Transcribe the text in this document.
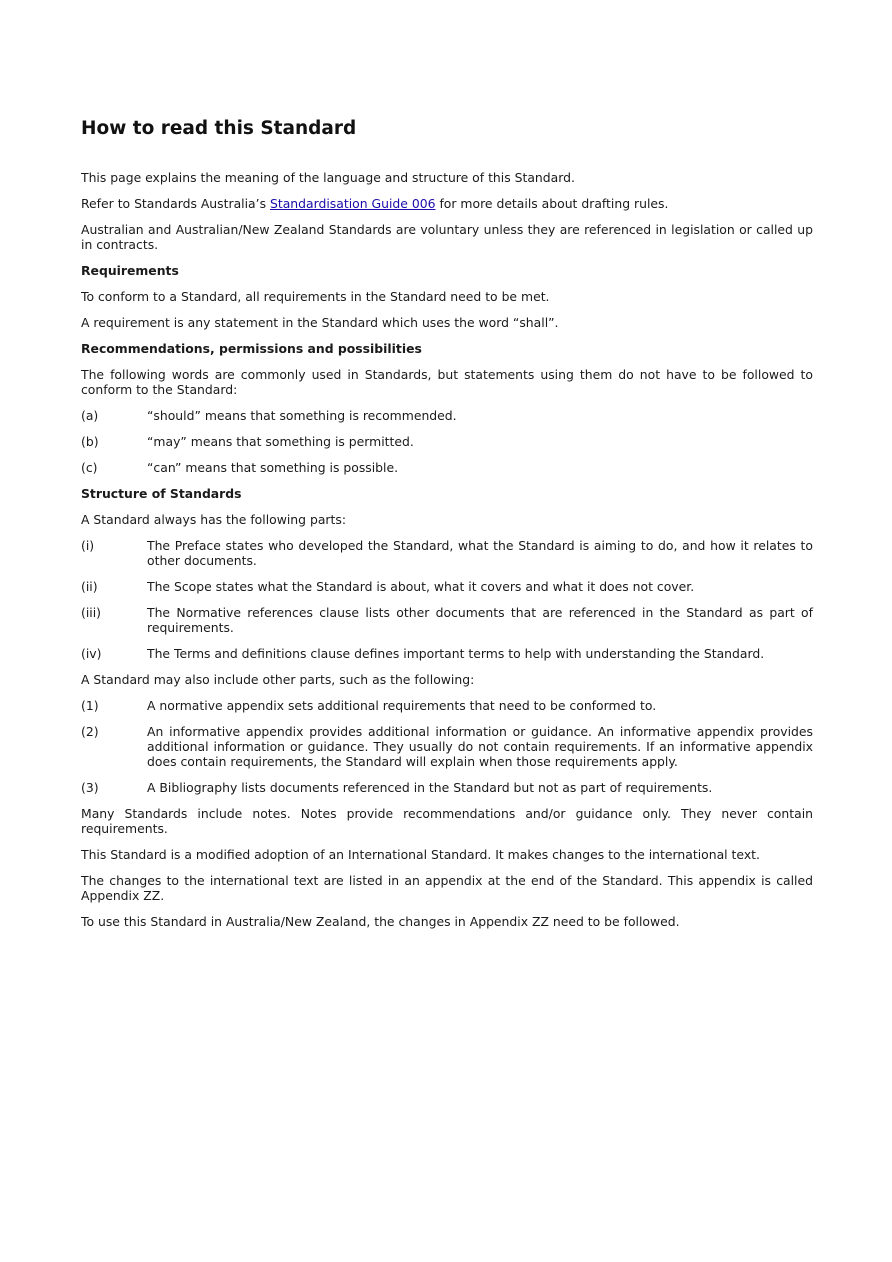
How to read this Standard

This page explains the meaning of the language and structure of this Standard.

Refer to Standards Australia’s Standardisation Guide 006 for more details about drafting rules.

Australian and Australian/New Zealand Standards are voluntary unless they are referenced in legislation or called up in contracts.

Requirements

To conform to a Standard, all requirements in the Standard need to be met.

A requirement is any statement in the Standard which uses the word “shall”.

Recommendations, permissions and possibilities

The following words are commonly used in Standards, but statements using them do not have to be followed to conform to the Standard:

(a)	“should” means that something is recommended.
(b)	“may” means that something is permitted.
(c)	“can” means that something is possible.

Structure of Standards

A Standard always has the following parts:

(i)	The Preface states who developed the Standard, what the Standard is aiming to do, and how it relates to other documents.
(ii)	The Scope states what the Standard is about, what it covers and what it does not cover.
(iii)	The Normative references clause lists other documents that are referenced in the Standard as part of requirements.
(iv)	The Terms and definitions clause defines important terms to help with understanding the Standard.

A Standard may also include other parts, such as the following:

(1)	A normative appendix sets additional requirements that need to be conformed to.
(2)	An informative appendix provides additional information or guidance. An informative appendix provides additional information or guidance. They usually do not contain requirements. If an informative appendix does contain requirements, the Standard will explain when those requirements apply.
(3)	A Bibliography lists documents referenced in the Standard but not as part of requirements.

Many Standards include notes. Notes provide recommendations and/or guidance only. They never contain requirements.

This Standard is a modified adoption of an International Standard. It makes changes to the international text.

The changes to the international text are listed in an appendix at the end of the Standard. This appendix is called Appendix ZZ.

To use this Standard in Australia/New Zealand, the changes in Appendix ZZ need to be followed.
